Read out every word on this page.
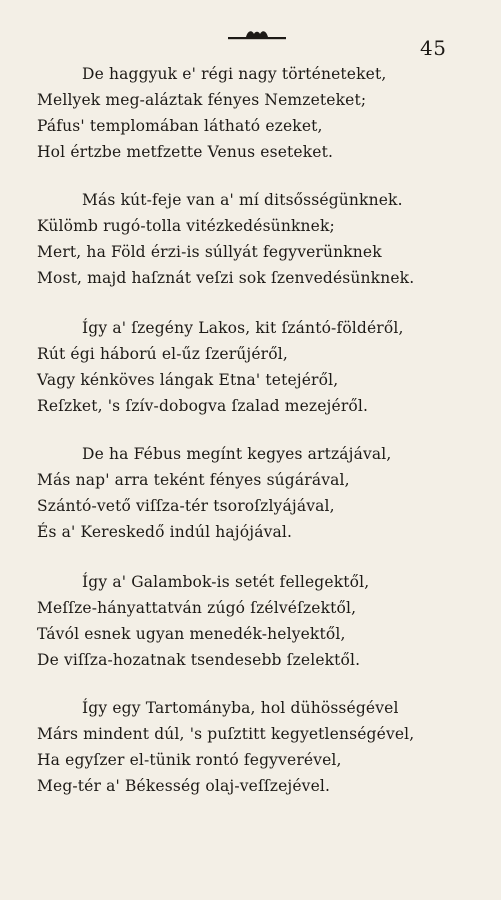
45
De haggyuk e' régi nagy történeteket,
Mellyek meg-aláztak fényes Nemzeteket;
Páfus' templomában látható ezeket,
Hol értzbe metfzette Venus eseteket.
Más kút-feje van a' mí ditsősségünknek.
Külömb rugó-tolla vitézkedésünknek;
Mert, ha Föld érzi-is súllyát fegyverünknek
Most, majd haſznát veſzi sok ſzenvedésünknek.
Így a' ſzegény Lakos, kit ſzántó-földéről,
Rút égi háború el-űz ſzerűjéről,
Vagy kénköves lángak Etna' tetejéről,
Reſzket, 's ſzív-dobogva ſzalad mezejéről.
De ha Fébus megínt kegyes artzájával,
Más nap' arra teként fényes súgárával,
Szántó-vető viſſza-tér tsoroſzlyájával,
És a' Kereskedő indúl hajójával.
Így a' Galambok-is setét fellegektől,
Meſſze-hányattatván zúgó ſzélvéſzektől,
Távól esnek ugyan menedék-helyektől,
De viſſza-hozatnak tsendesebb ſzelektől.
Így egy Tartományba, hol dühösségével
Márs mindent dúl, 's puſztitt kegyetlenségével,
Ha egyſzer el-tünik rontó fegyverével,
Meg-tér a' Békesség olaj-veſſzejével.
